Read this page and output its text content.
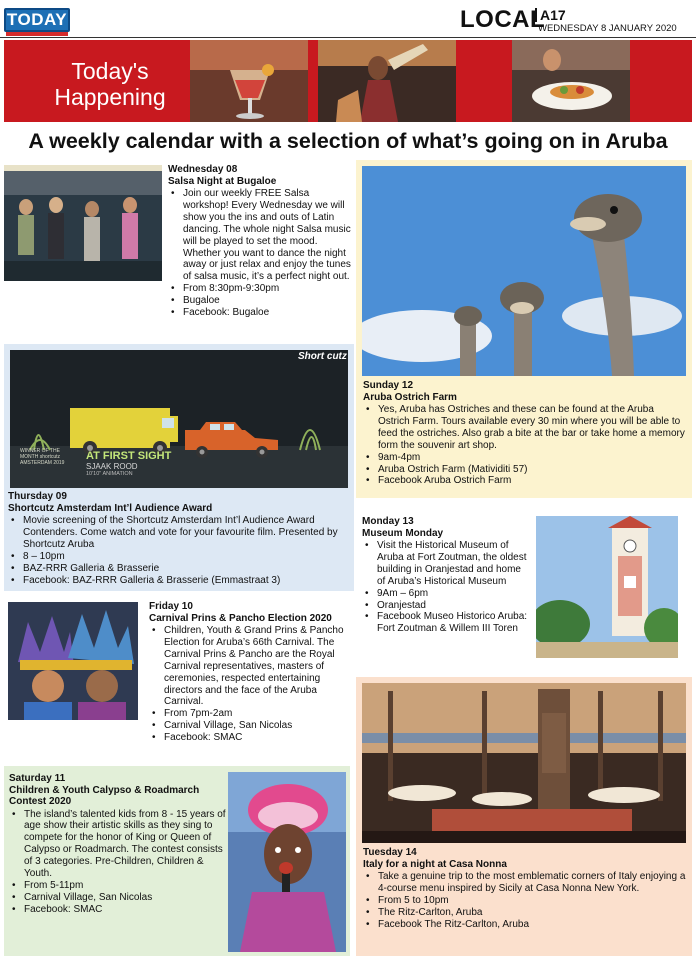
TODAY	LOCAL
A17
WEDNESDAY 8 JANUARY 2020
Today's
Happening
A weekly calendar with a selection of what’s going on in Aruba
Wednesday 08
Salsa Night at Bugaloe
• Join our weekly FREE Salsa workshop! Every Wednesday we will show you the ins and outs of Latin dancing. The whole night Salsa music will be played to set the mood. Whether you want to dance the night away or just relax and enjoy the tunes of salsa music, it’s a perfect night out.
• From 8:30pm-9:30pm
• Bugaloe
• Facebook: Bugaloe
Short cutz
WINNER OF THE MONTH shortcutz AMSTERDAM 2019
AT FIRST SIGHT
SJAAK ROOD
10'10" ANIMATION
Thursday 09
Shortcutz Amsterdam Int’l Audience Award
• Movie screening of the Shortcutz Amsterdam Int’l Audience Award Contenders. Come watch and vote for your favourite film. Presented by Shortcutz Aruba
• 8 – 10pm
• BAZ-RRR Galleria & Brasserie
• Facebook: BAZ-RRR Galleria & Brasserie (Emmastraat 3)
Friday 10
Carnival Prins & Pancho Election 2020
• Children, Youth & Grand Prins & Pancho Election for Aruba’s 66th Carnival. The Carnival Prins & Pancho are the Royal Carnival representatives, masters of ceremonies, respected entertaining directors and the face of the Aruba Carnival.
• From 7pm-2am
• Carnival Village, San Nicolas
• Facebook: SMAC
Saturday 11
Children & Youth Calypso & Roadmarch Contest 2020
• The island’s talented kids from 8 - 15 years of age show their artistic skills as they sing to compete for the honor of King or Queen of Calypso or Roadmarch. The contest consists of 3 categories. Pre-Children, Children & Youth.
• From 5-11pm
• Carnival Village, San Nicolas
• Facebook: SMAC
Sunday 12
Aruba Ostrich Farm
• Yes, Aruba has Ostriches and these can be found at the Aruba Ostrich Farm. Tours available every 30 min where you will be able to feed the ostriches. Also grab a bite at the bar or take home a memory form the souvenir art shop.
• 9am-4pm
• Aruba Ostrich Farm (Matividiti 57)
• Facebook Aruba Ostrich Farm
Monday 13
Museum Monday
• Visit the Historical Museum of Aruba at Fort Zoutman, the oldest building in Oranjestad and home of Aruba’s Historical Museum
• 9Am – 6pm
• Oranjestad
• Facebook Museo Historico Aruba: Fort Zoutman & Willem III Toren
Tuesday 14
Italy for a night at Casa Nonna
• Take a genuine trip to the most emblematic corners of Italy enjoying a 4-course menu inspired by Sicily at Casa Nonna New York.
• From 5 to 10pm
• The Ritz-Carlton, Aruba
• Facebook The Ritz-Carlton, Aruba
